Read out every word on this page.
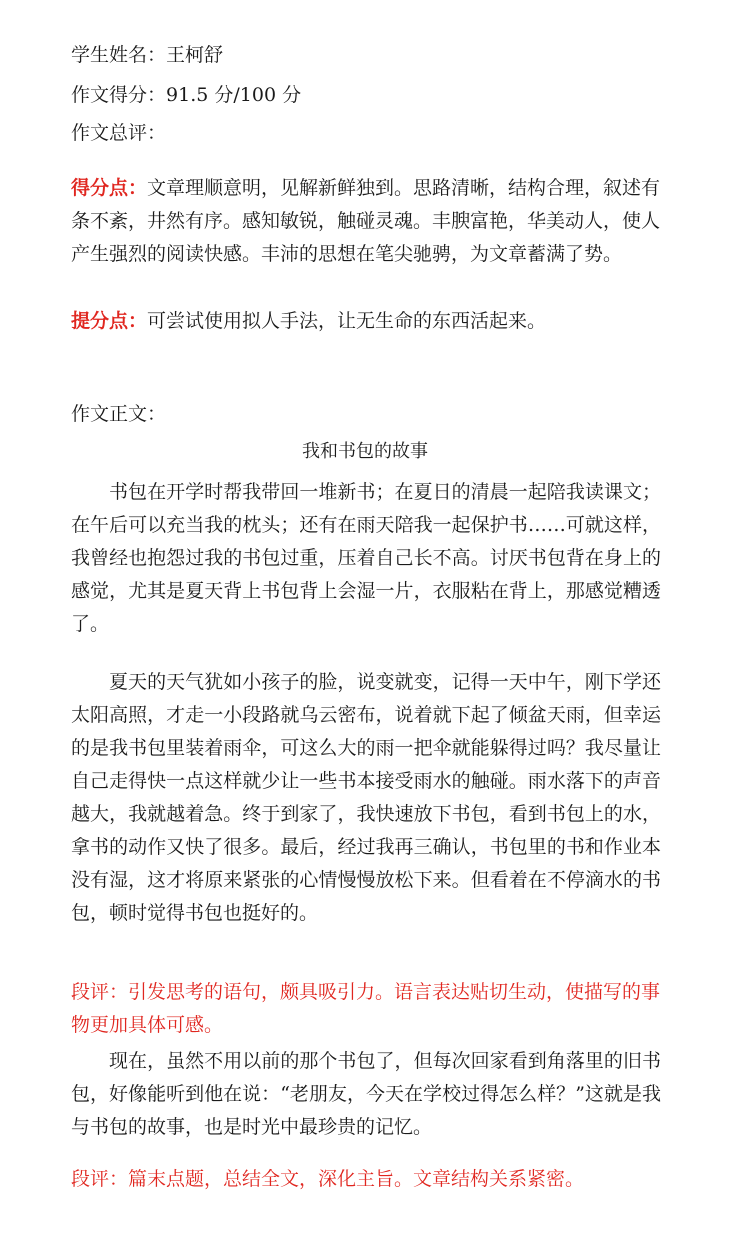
学生姓名：王柯舒
作文得分：91.5 分/100 分
作文总评：
得分点：文章理顺意明，见解新鲜独到。思路清晰，结构合理，叙述有条不紊，井然有序。感知敏锐，触碰灵魂。丰腴富艳，华美动人，使人产生强烈的阅读快感。丰沛的思想在笔尖驰骋，为文章蓄满了势。
提分点：可尝试使用拟人手法，让无生命的东西活起来。
作文正文：
我和书包的故事
书包在开学时帮我带回一堆新书；在夏日的清晨一起陪我读课文；在午后可以充当我的枕头；还有在雨天陪我一起保护书……可就这样，我曾经也抱怨过我的书包过重，压着自己长不高。讨厌书包背在身上的感觉，尤其是夏天背上书包背上会湿一片，衣服粘在背上，那感觉糟透了。
夏天的天气犹如小孩子的脸，说变就变，记得一天中午，刚下学还太阳高照，才走一小段路就乌云密布，说着就下起了倾盆天雨，但幸运的是我书包里装着雨伞，可这么大的雨一把伞就能躲得过吗？我尽量让自己走得快一点这样就少让一些书本接受雨水的触碰。雨水落下的声音越大，我就越着急。终于到家了，我快速放下书包，看到书包上的水，拿书的动作又快了很多。最后，经过我再三确认，书包里的书和作业本没有湿，这才将原来紧张的心情慢慢放松下来。但看着在不停滴水的书包，顿时觉得书包也挺好的。
段评：引发思考的语句，颇具吸引力。语言表达贴切生动，使描写的事物更加具体可感。
现在，虽然不用以前的那个书包了，但每次回家看到角落里的旧书包，好像能听到他在说：“老朋友，今天在学校过得怎么样？”这就是我与书包的故事，也是时光中最珍贵的记忆。
段评：篇末点题，总结全文，深化主旨。文章结构关系紧密。
